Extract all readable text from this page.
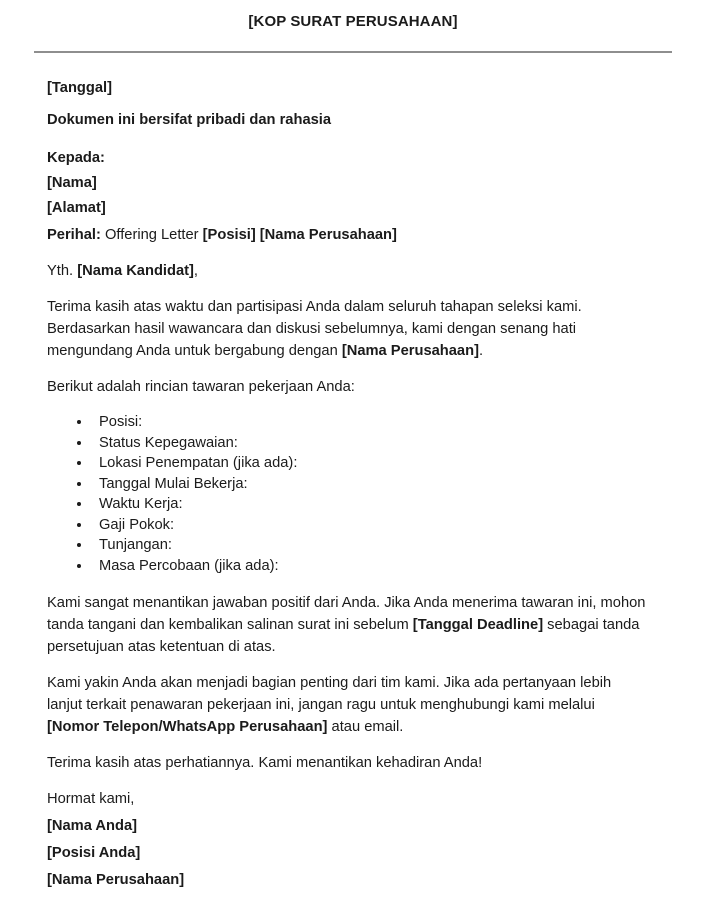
[KOP SURAT PERUSAHAAN]

[Tanggal]

Dokumen ini bersifat pribadi dan rahasia

Kepada:
[Nama]
[Alamat]

Perihal: Offering Letter [Posisi] [Nama Perusahaan]

Yth. [Nama Kandidat],

Terima kasih atas waktu dan partisipasi Anda dalam seluruh tahapan seleksi kami. Berdasarkan hasil wawancara dan diskusi sebelumnya, kami dengan senang hati mengundang Anda untuk bergabung dengan [Nama Perusahaan].

Berikut adalah rincian tawaran pekerjaan Anda:

• Posisi:
• Status Kepegawaian:
• Lokasi Penempatan (jika ada):
• Tanggal Mulai Bekerja:
• Waktu Kerja:
• Gaji Pokok:
• Tunjangan:
• Masa Percobaan (jika ada):

Kami sangat menantikan jawaban positif dari Anda. Jika Anda menerima tawaran ini, mohon tanda tangani dan kembalikan salinan surat ini sebelum [Tanggal Deadline] sebagai tanda persetujuan atas ketentuan di atas.

Kami yakin Anda akan menjadi bagian penting dari tim kami. Jika ada pertanyaan lebih lanjut terkait penawaran pekerjaan ini, jangan ragu untuk menghubungi kami melalui [Nomor Telepon/WhatsApp Perusahaan] atau email.

Terima kasih atas perhatiannya. Kami menantikan kehadiran Anda!

Hormat kami,

[Nama Anda]

[Posisi Anda]

[Nama Perusahaan]
